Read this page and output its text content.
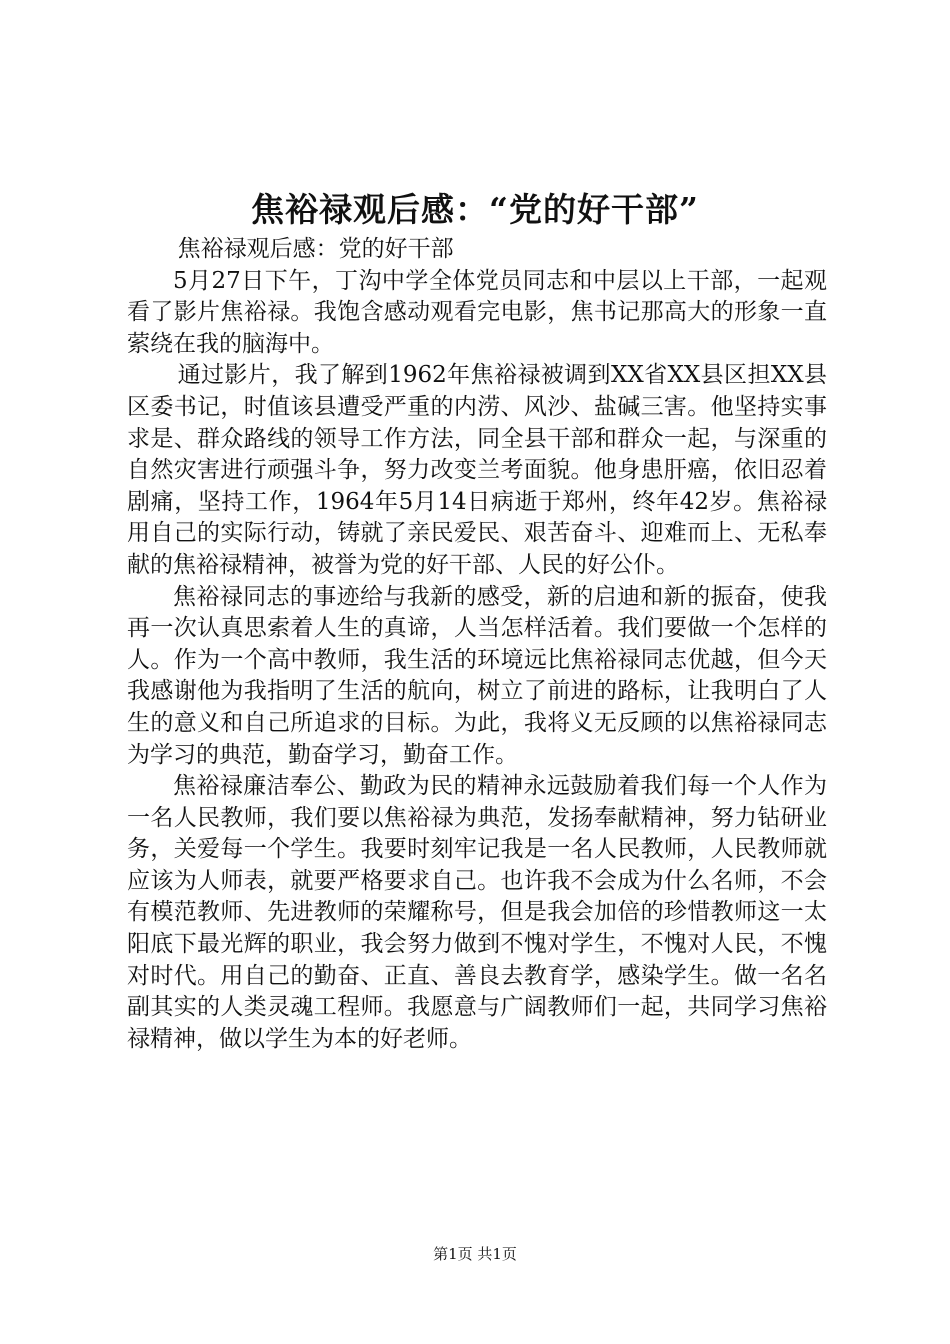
焦裕禄观后感：“党的好干部”

焦裕禄观后感：党的好干部

5月27日下午，丁沟中学全体党员同志和中层以上干部，一起观看了影片焦裕禄。我饱含感动观看完电影，焦书记那高大的形象一直萦绕在我的脑海中。

通过影片，我了解到1962年焦裕禄被调到XX省XX县区担XX县区委书记，时值该县遭受严重的内涝、风沙、盐碱三害。他坚持实事求是、群众路线的领导工作方法，同全县干部和群众一起，与深重的自然灾害进行顽强斗争，努力改变兰考面貌。他身患肝癌，依旧忍着剧痛，坚持工作，1964年5月14日病逝于郑州，终年42岁。焦裕禄用自己的实际行动，铸就了亲民爱民、艰苦奋斗、迎难而上、无私奉献的焦裕禄精神，被誉为党的好干部、人民的好公仆。

焦裕禄同志的事迹给与我新的感受，新的启迪和新的振奋，使我再一次认真思索着人生的真谛，人当怎样活着。我们要做一个怎样的人。作为一个高中教师，我生活的环境远比焦裕禄同志优越，但今天我感谢他为我指明了生活的航向，树立了前进的路标，让我明白了人生的意义和自己所追求的目标。为此，我将义无反顾的以焦裕禄同志为学习的典范，勤奋学习，勤奋工作。

焦裕禄廉洁奉公、勤政为民的精神永远鼓励着我们每一个人作为一名人民教师，我们要以焦裕禄为典范，发扬奉献精神，努力钻研业务，关爱每一个学生。我要时刻牢记我是一名人民教师，人民教师就应该为人师表，就要严格要求自己。也许我不会成为什么名师，不会有模范教师、先进教师的荣耀称号，但是我会加倍的珍惜教师这一太阳底下最光辉的职业，我会努力做到不愧对学生，不愧对人民，不愧对时代。用自己的勤奋、正直、善良去教育学，感染学生。做一名名副其实的人类灵魂工程师。我愿意与广阔教师们一起，共同学习焦裕禄精神，做以学生为本的好老师。

第1页 共1页
